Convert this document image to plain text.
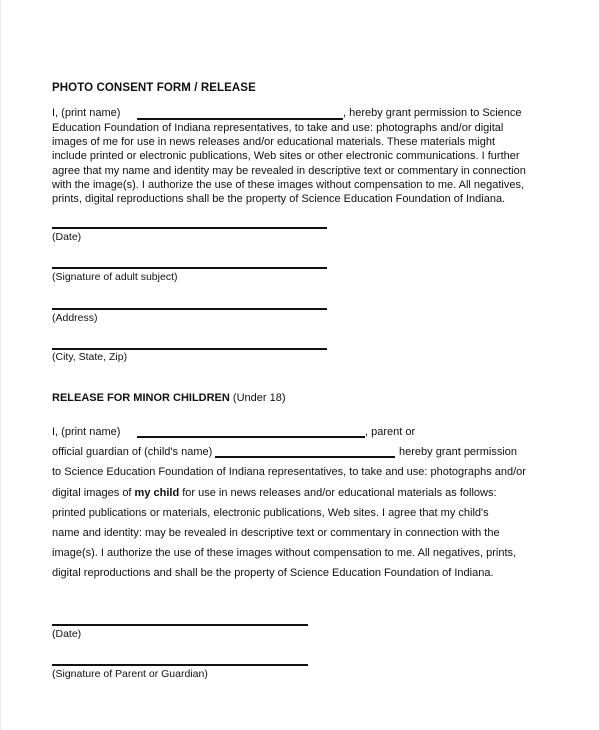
PHOTO CONSENT FORM / RELEASE
I, (print name)	, hereby grant permission to Science

Education Foundation of Indiana representatives, to take and use: photographs and/or digital

images of me for use in news releases and/or educational materials. These materials might

include printed or electronic publications, Web sites or other electronic communications. I further

agree that my name and identity may be revealed in descriptive text or commentary in connection

with the image(s). I authorize the use of these images without compensation to me. All negatives,

prints, digital reproductions shall be the property of Science Education Foundation of Indiana.

(Date)
(Signature of adult subject)
(Address)
(City, State, Zip)
RELEASE FOR MINOR CHILDREN (Under 18)

I, (print name)	, parent or

official guardian of (child's name)	hereby grant permission

to Science Education Foundation of Indiana representatives, to take and use: photographs and/or

digital images of my child for use in news releases and/or educational materials as follows:

printed publications or materials, electronic publications, Web sites. I agree that my child's

name and identity: may be revealed in descriptive text or commentary in connection with the

image(s). I authorize the use of these images without compensation to me. All negatives, prints,

digital reproductions and shall be the property of Science Education Foundation of Indiana.

(Date)
(Signature of Parent or Guardian)
